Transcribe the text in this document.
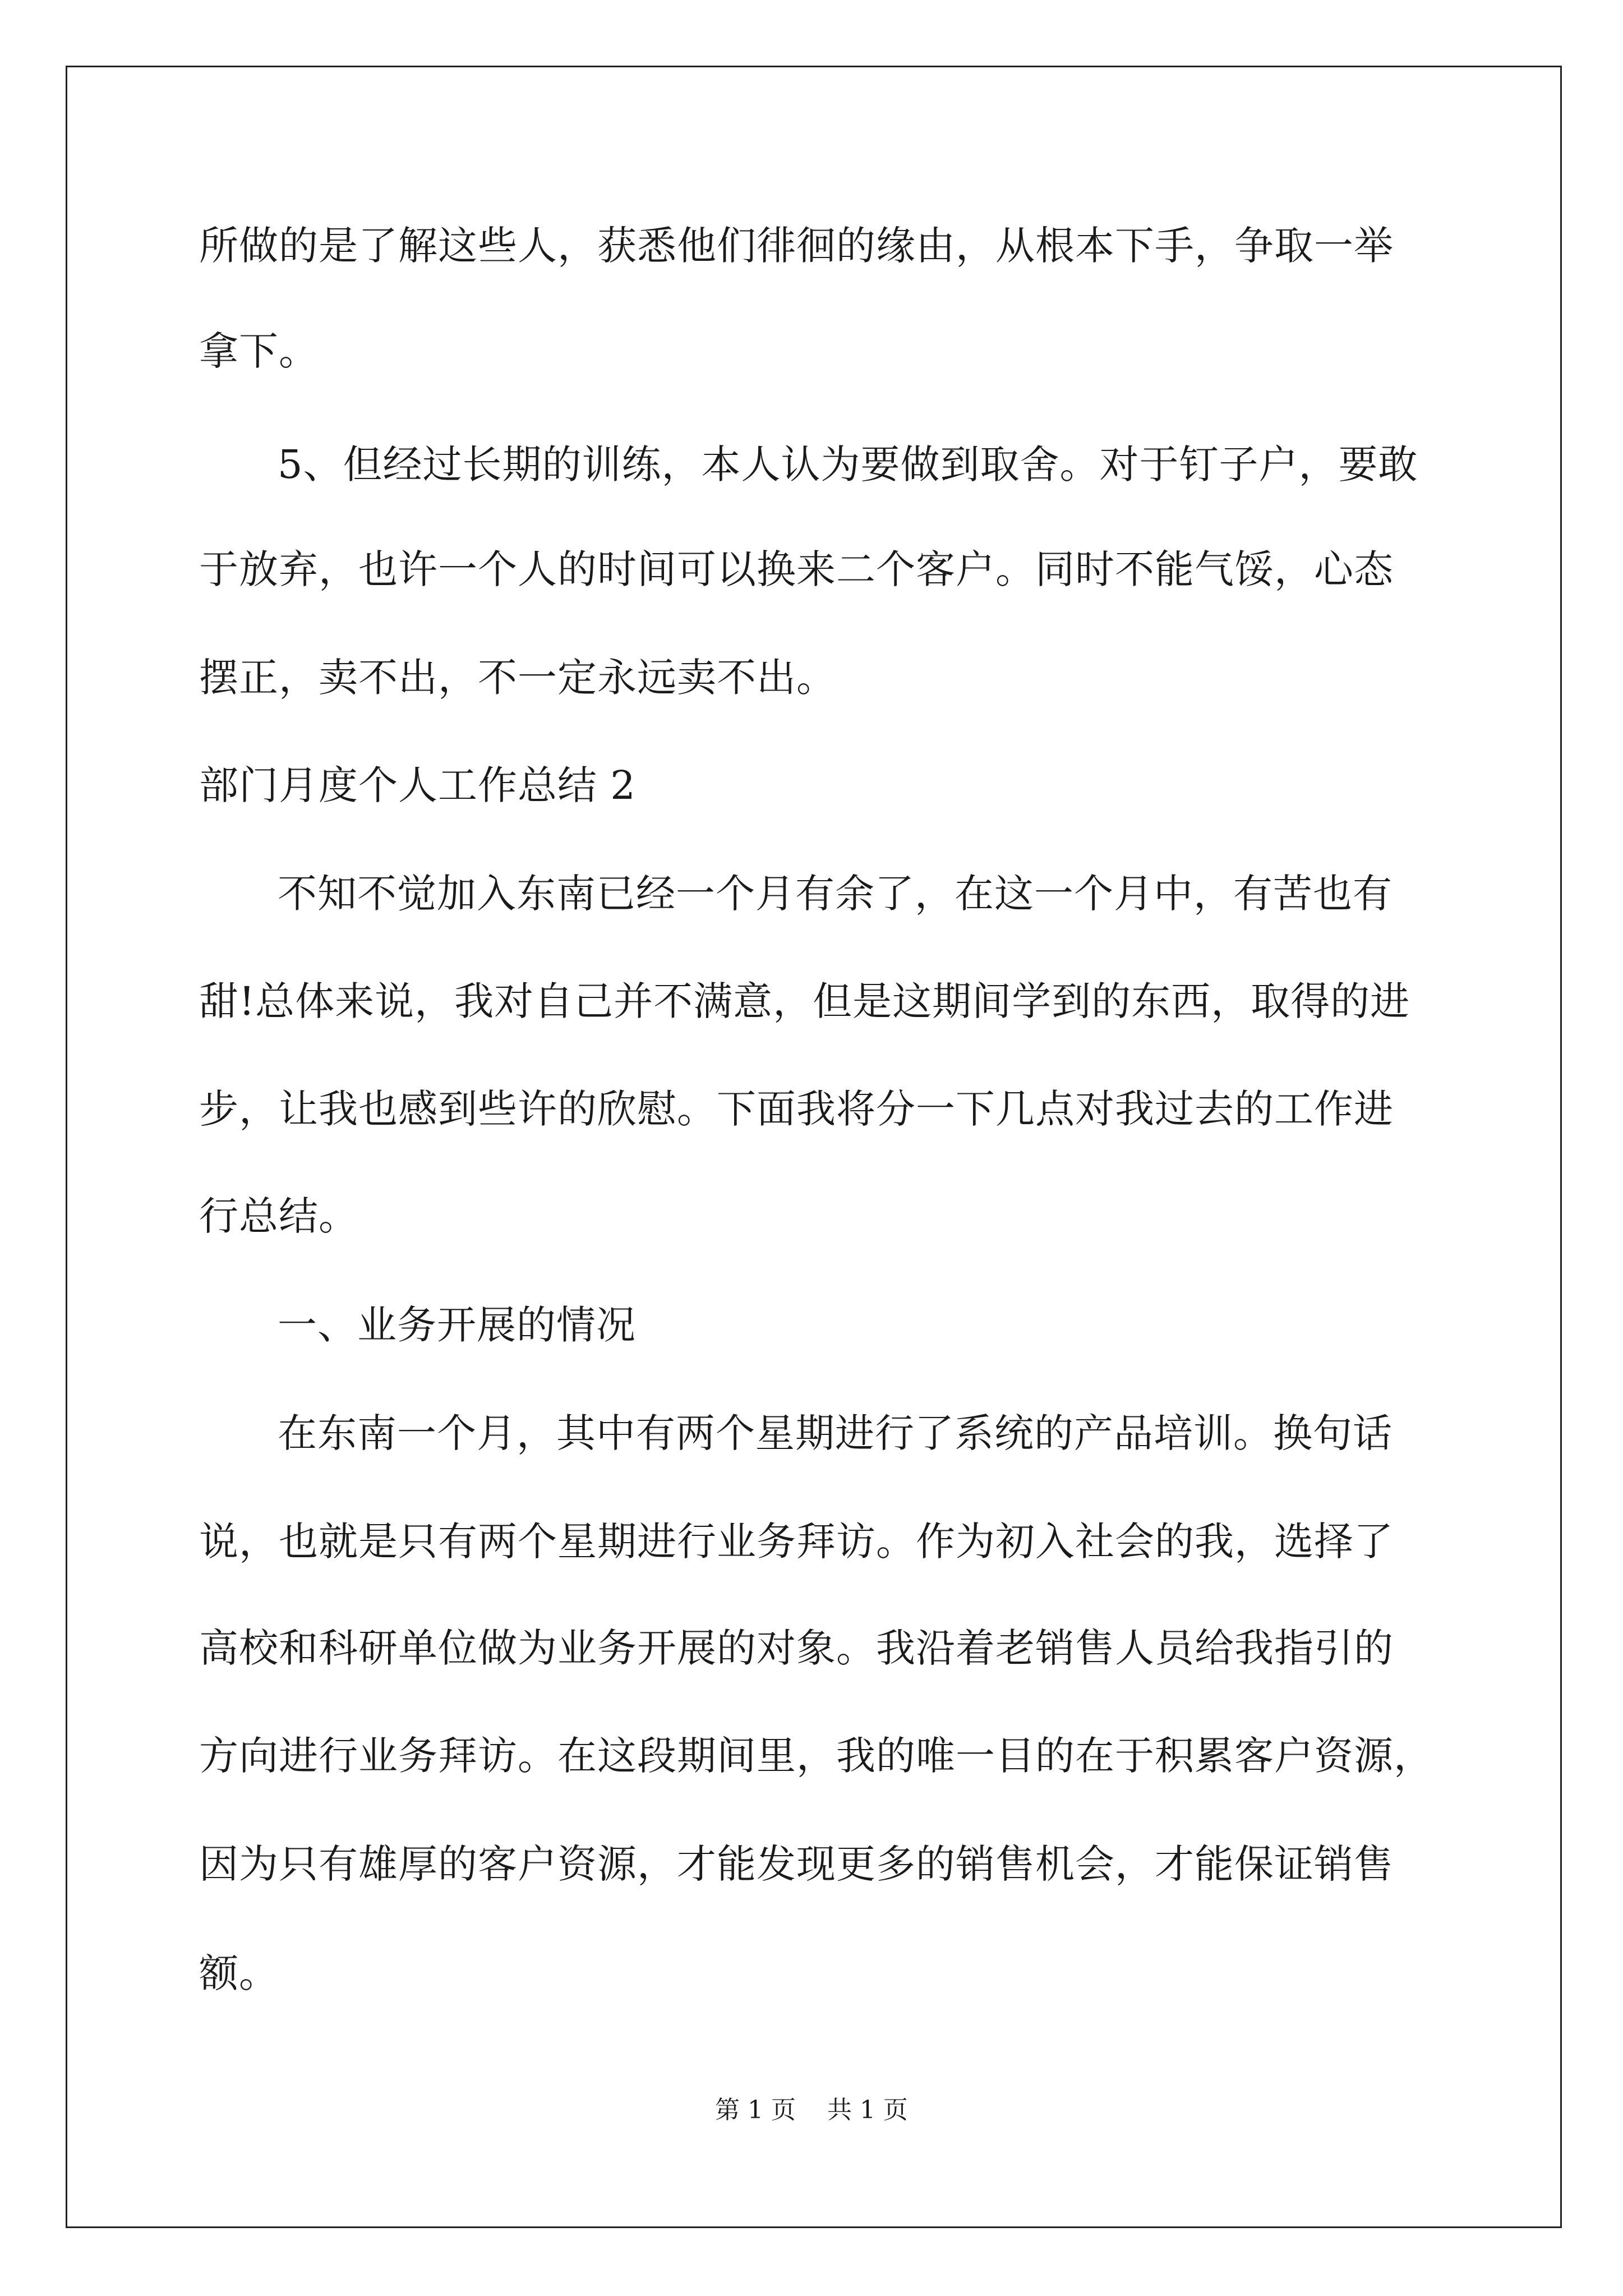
所做的是了解这些人，获悉他们徘徊的缘由，从根本下手，争取一举

拿下。

5、但经过长期的训练，本人认为要做到取舍。对于钉子户，要敢

于放弃，也许一个人的时间可以换来二个客户。同时不能气馁，心态

摆正，卖不出，不一定永远卖不出。

部门月度个人工作总结 2

不知不觉加入东南已经一个月有余了，在这一个月中，有苦也有

甜!总体来说，我对自己并不满意，但是这期间学到的东西，取得的进

步，让我也感到些许的欣慰。下面我将分一下几点对我过去的工作进

行总结。

一、业务开展的情况

在东南一个月，其中有两个星期进行了系统的产品培训。换句话

说，也就是只有两个星期进行业务拜访。作为初入社会的我，选择了

高校和科研单位做为业务开展的对象。我沿着老销售人员给我指引的

方向进行业务拜访。在这段期间里，我的唯一目的在于积累客户资源，

因为只有雄厚的客户资源，才能发现更多的销售机会，才能保证销售

额。

第 1 页    共 1 页
